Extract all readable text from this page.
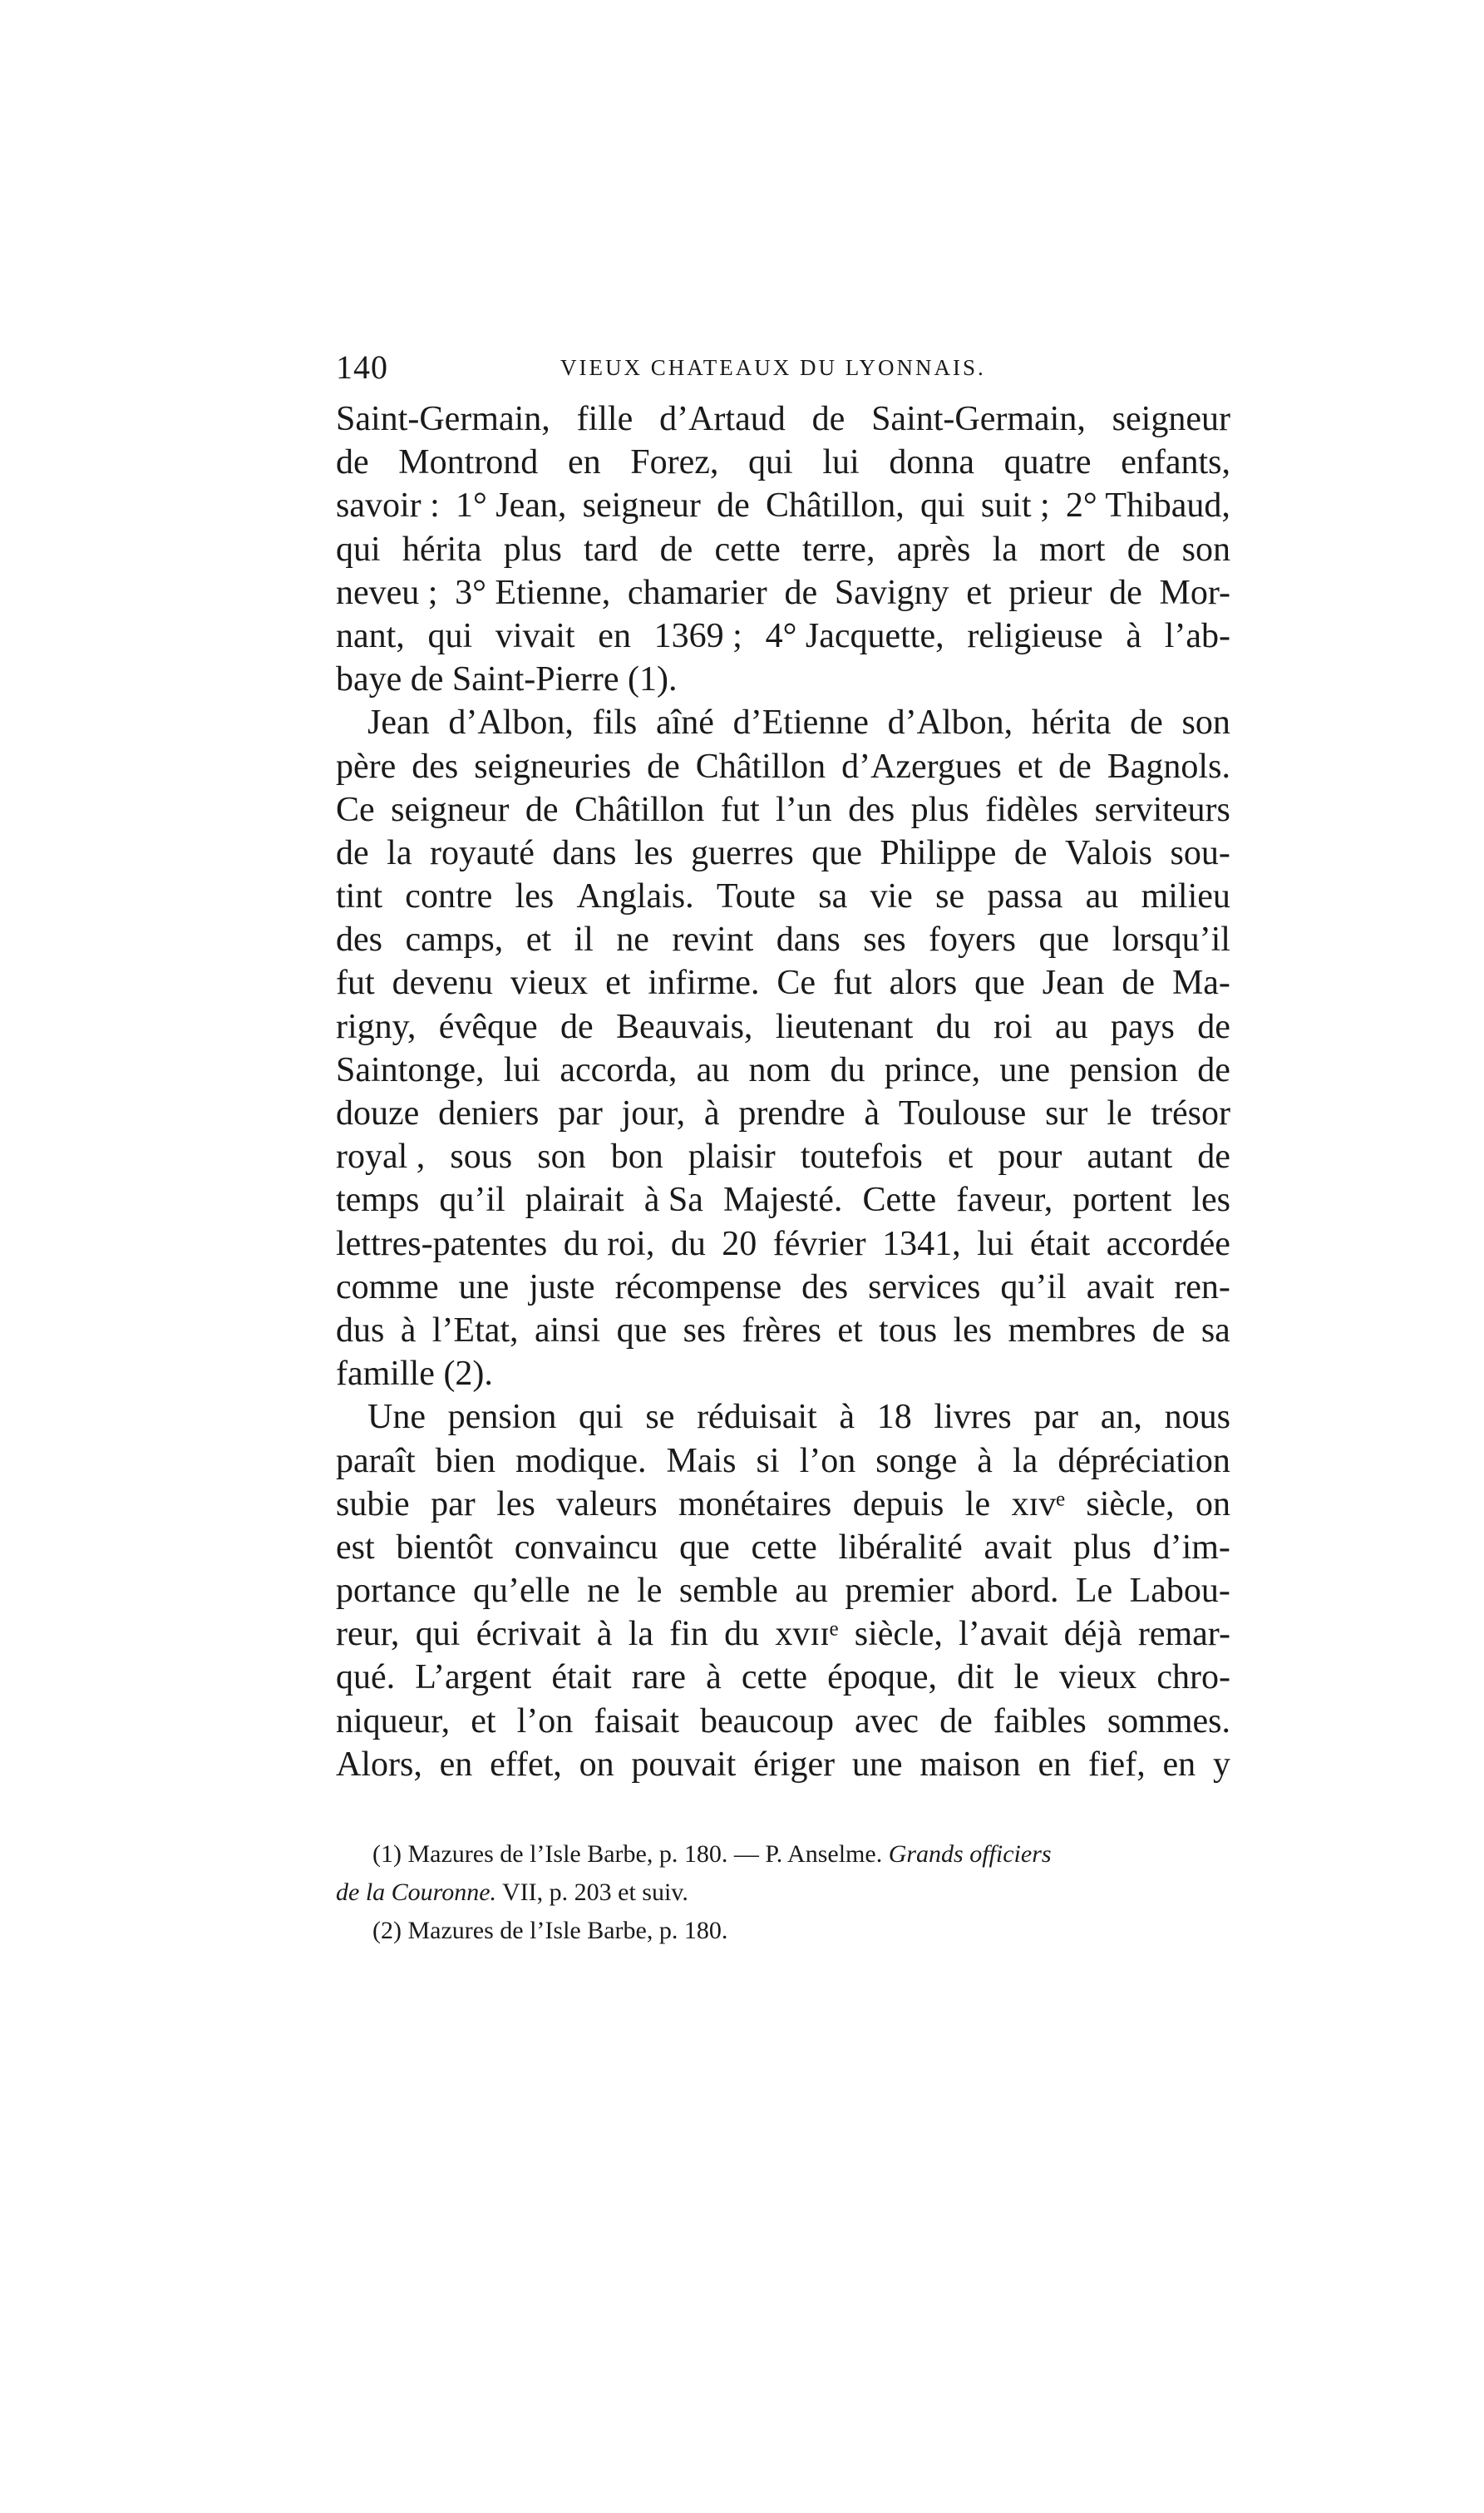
140	VIEUX CHATEAUX DU LYONNAIS.
Saint-Germain, fille d’Artaud de Saint-Germain, seigneur
de Montrond en Forez, qui lui donna quatre enfants,
savoir : 1° Jean, seigneur de Châtillon, qui suit ; 2° Thibaud,
qui hérita plus tard de cette terre, après la mort de son
neveu ; 3° Etienne, chamarier de Savigny et prieur de Mor-
nant, qui vivait en 1369 ; 4° Jacquette, religieuse à l’ab-
baye de Saint-Pierre (1).
Jean d’Albon, fils aîné d’Etienne d’Albon, hérita de son
père des seigneuries de Châtillon d’Azergues et de Bagnols.
Ce seigneur de Châtillon fut l’un des plus fidèles serviteurs
de la royauté dans les guerres que Philippe de Valois sou-
tint contre les Anglais. Toute sa vie se passa au milieu
des camps, et il ne revint dans ses foyers que lorsqu’il
fut devenu vieux et infirme. Ce fut alors que Jean de Ma-
rigny, évêque de Beauvais, lieutenant du roi au pays de
Saintonge, lui accorda, au nom du prince, une pension de
douze deniers par jour, à prendre à Toulouse sur le trésor
royal , sous son bon plaisir toutefois et pour autant de
temps qu’il plairait à Sa Majesté. Cette faveur, portent les
lettres-patentes du roi, du 20 février 1341, lui était accordée
comme une juste récompense des services qu’il avait ren-
dus à l’Etat, ainsi que ses frères et tous les membres de sa
famille (2).
Une pension qui se réduisait à 18 livres par an, nous
paraît bien modique. Mais si l’on songe à la dépréciation
subie par les valeurs monétaires depuis le xɪᴠᵉ siècle, on
est bientôt convaincu que cette libéralité avait plus d’im-
portance qu’elle ne le semble au premier abord. Le Labou-
reur, qui écrivait à la fin du xᴠɪɪᵉ siècle, l’avait déjà remar-
qué. L’argent était rare à cette époque, dit le vieux chro-
niqueur, et l’on faisait beaucoup avec de faibles sommes.
Alors, en effet, on pouvait ériger une maison en fief, en y
(1) Mazures de l’Isle Barbe, p. 180. — P. Anselme. Grands officiers
de la Couronne. VII, p. 203 et suiv.
(2) Mazures de l’Isle Barbe, p. 180.
